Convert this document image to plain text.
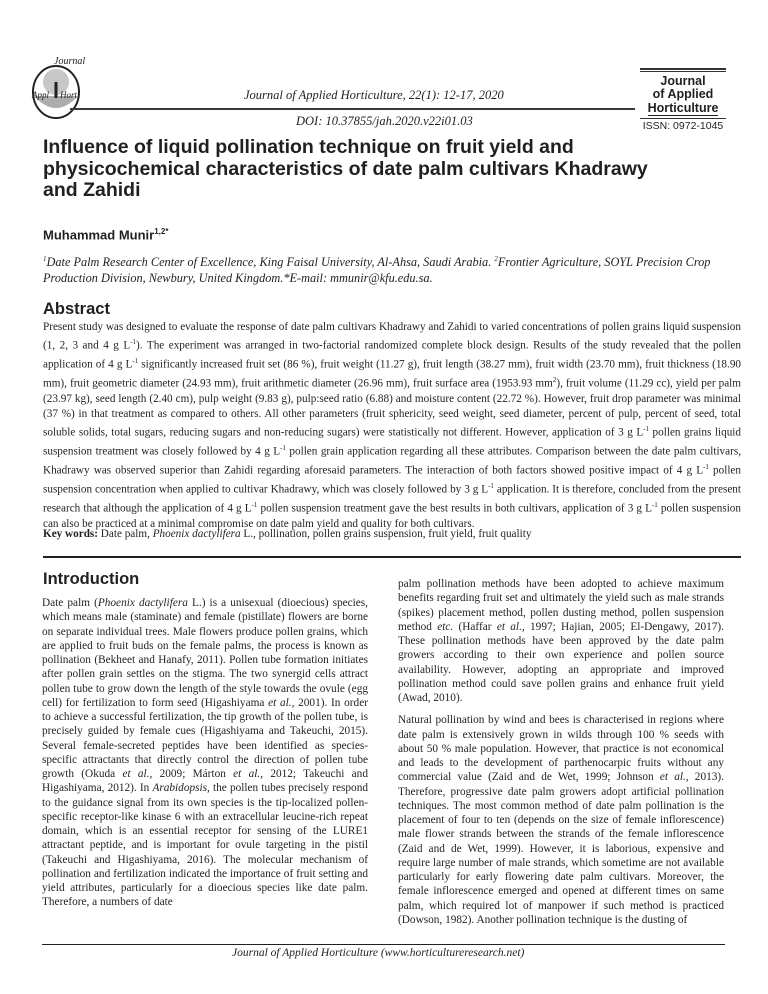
Journal
Appl Hort	Journal of Applied Horticulture, 22(1): 12-17, 2020
DOI: 10.37855/jah.2020.v22i01.03
Journal
of Applied
Horticulture
ISSN: 0972-1045
Influence of liquid pollination technique on fruit yield and physicochemical characteristics of date palm cultivars Khadrawy and Zahidi
Muhammad Munir$^{1,2*}$
$^1$Date Palm Research Center of Excellence, King Faisal University, Al-Ahsa, Saudi Arabia. $^2$Frontier Agriculture, SOYL Precision Crop Production Division, Newbury, United Kingdom.*E-mail: mmunir@kfu.edu.sa.
Abstract
Present study was designed to evaluate the response of date palm cultivars Khadrawy and Zahidi to varied concentrations of pollen grains liquid suspension (1, 2, 3 and 4 g $L^{-1}$). The experiment was arranged in two-factorial randomized complete block design. Results of the study revealed that the pollen application of 4 g $L^{-1}$ significantly increased fruit set (86 %), fruit weight (11.27 g), fruit length (38.27 mm), fruit width (23.70 mm), fruit thickness (18.90 mm), fruit geometric diameter (24.93 mm), fruit arithmetic diameter (26.96 mm), fruit surface area (1953.93 $mm^2$), fruit volume (11.29 cc), yield per palm (23.97 kg), seed length (2.40 cm), pulp weight (9.83 g), pulp:seed ratio (6.88) and moisture content (22.72 %). However, fruit drop parameter was minimal (37 %) in that treatment as compared to others. All other parameters (fruit sphericity, seed weight, seed diameter, percent of pulp, percent of seed, total soluble solids, total sugars, reducing sugars and non-reducing sugars) were statistically not different. However, application of 3 g $L^{-1}$ pollen grains liquid suspension treatment was closely followed by 4 g $L^{-1}$ pollen grain application regarding all these attributes. Comparison between the date palm cultivars, Khadrawy was observed superior than Zahidi regarding aforesaid parameters. The interaction of both factors showed positive impact of 4 g $L^{-1}$ pollen suspension concentration when applied to cultivar Khadrawy, which was closely followed by 3 g $L^{-1}$ application. It is therefore, concluded from the present research that although the application of 4 g $L^{-1}$ pollen suspension treatment gave the best results in both cultivars, application of 3 g $L^{-1}$ pollen suspension can also be practiced at a minimal compromise on date palm yield and quality for both cultivars.
Key words: Date palm, Phoenix dactylifera L., pollination, pollen grains suspension, fruit yield, fruit quality
Introduction

Date palm (Phoenix dactylifera L.) is a unisexual (dioecious) species, which means male (staminate) and female (pistillate) flowers are borne on separate individual trees. Male flowers produce pollen grains, which are applied to fruit buds on the female palms, the process is known as pollination (Bekheet and Hanafy, 2011). Pollen tube formation initiates after pollen grain settles on the stigma. The two synergid cells attract pollen tube to grow down the length of the style towards the ovule (egg cell) for fertilization to form seed (Higashiyama et al., 2001). In order to achieve a successful fertilization, the tip growth of the pollen tube, is precisely guided by female cues (Higashiyama and Takeuchi, 2015). Several female-secreted peptides have been identified as species-specific attractants that directly control the direction of pollen tube growth (Okuda et al., 2009; Márton et al., 2012; Takeuchi and Higashiyama, 2012). In Arabidopsis, the pollen tubes precisely respond to the guidance signal from its own species is the tip-localized pollen-specific receptor-like kinase 6 with an extracellular leucine-rich repeat domain, which is an essential receptor for sensing of the LURE1 attractant peptide, and is important for ovule targeting in the pistil (Takeuchi and Higashiyama, 2016). The molecular mechanism of pollination and fertilization indicated the importance of fruit setting and yield attributes, particularly for a dioecious species like date palm. Therefore, a numbers of date

palm pollination methods have been adopted to achieve maximum benefits regarding fruit set and ultimately the yield such as male strands (spikes) placement method, pollen dusting method, pollen suspension method etc. (Haffar et al., 1997; Hajian, 2005; El-Dengawy, 2017). These pollination methods have been approved by the date palm growers according to their own experience and pollen source availability. However, adopting an appropriate and improved pollination method could save pollen grains and enhance fruit yield (Awad, 2010).

Natural pollination by wind and bees is characterised in regions where date palm is extensively grown in wilds through 100 % seeds with about 50 % male population. However, that practice is not economical and leads to the development of parthenocarpic fruits without any commercial value (Zaid and de Wet, 1999; Johnson et al., 2013). Therefore, progressive date palm growers adopt artificial pollination techniques. The most common method of date palm pollination is the placement of four to ten (depends on the size of female inflorescence) male flower strands between the strands of the female inflorescence (Zaid and de Wet, 1999). However, it is laborious, expensive and require large number of male strands, which sometime are not available particularly for early flowering date palm cultivars. Moreover, the female inflorescence emerged and opened at different times on same palm, which required lot of manpower if such method is practiced (Dowson, 1982). Another pollination technique is the dusting of

Journal of Applied Horticulture (www.horticultureresearch.net)
